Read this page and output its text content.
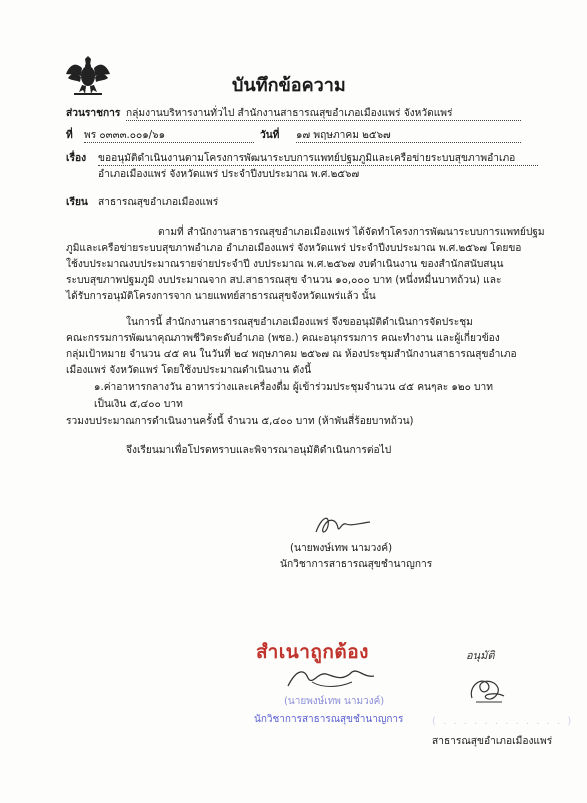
บันทึกข้อความ
ส่วนราชการ กลุ่มงานบริหารงานทั่วไป สำนักงานสาธารณสุขอำเภอเมืองแพร่ จังหวัดแพร่
ที่ พร ๐๓๓๓.๐๐๑/๖๑	วันที่ ๑๗ พฤษภาคม ๒๕๖๗
เรื่อง ขออนุมัติดำเนินงานตามโครงการพัฒนาระบบการแพทย์ปฐมภูมิและเครือข่ายระบบสุขภาพอำเภอ
อำเภอเมืองแพร่ จังหวัดแพร่ ประจำปีงบประมาณ พ.ศ.๒๕๖๗
เรียน สาธารณสุขอำเภอเมืองแพร่
ตามที่ สำนักงานสาธารณสุขอำเภอเมืองแพร่ ได้จัดทำโครงการพัฒนาระบบการแพทย์ปฐม
ภูมิและเครือข่ายระบบสุขภาพอำเภอ อำเภอเมืองแพร่ จังหวัดแพร่ ประจำปีงบประมาณ พ.ศ.๒๕๖๗ โดยขอ
ใช้งบประมาณงบประมาณรายจ่ายประจำปี งบประมาณ พ.ศ.๒๕๖๗ งบดำเนินงาน ของสำนักสนับสนุน
ระบบสุขภาพปฐมภูมิ งบประมาณจาก สป.สาธารณสุข จำนวน ๑๐,๐๐๐ บาท (หนึ่งหมื่นบาทถ้วน) และ
ได้รับการอนุมัติโครงการจาก นายแพทย์สาธารณสุขจังหวัดแพร่แล้ว นั้น
ในการนี้ สำนักงานสาธารณสุขอำเภอเมืองแพร่ จึงขออนุมัติดำเนินการจัดประชุม
คณะกรรมการพัฒนาคุณภาพชีวิตระดับอำเภอ (พชอ.) คณะอนุกรรมการ คณะทำงาน และผู้เกี่ยวข้อง
กลุ่มเป้าหมาย จำนวน ๔๕ คน ในวันที่ ๒๔ พฤษภาคม ๒๕๖๗ ณ ห้องประชุมสำนักงานสาธารณสุขอำเภอ
เมืองแพร่ จังหวัดแพร่ โดยใช้งบประมาณดำเนินงาน ดังนี้
๑.ค่าอาหารกลางวัน อาหารว่างและเครื่องดื่ม ผู้เข้าร่วมประชุมจำนวน ๔๕ คนๆละ ๑๒๐ บาท
เป็นเงิน ๕,๔๐๐ บาท
รวมงบประมาณการดำเนินงานครั้งนี้ จำนวน ๕,๔๐๐ บาท (ห้าพันสี่ร้อยบาทถ้วน)
จึงเรียนมาเพื่อโปรดทราบและพิจารณาอนุมัติดำเนินการต่อไป
(นายพงษ์เทพ นามวงค์)
นักวิชาการสาธารณสุขชำนาญการ
สำเนาถูกต้อง
(นายพงษ์เทพ นามวงค์)
นักวิชาการสาธารณสุขชำนาญการ
อนุมัติ
( . . . . . . . . . . . . )
สาธารณสุขอำเภอเมืองแพร่
